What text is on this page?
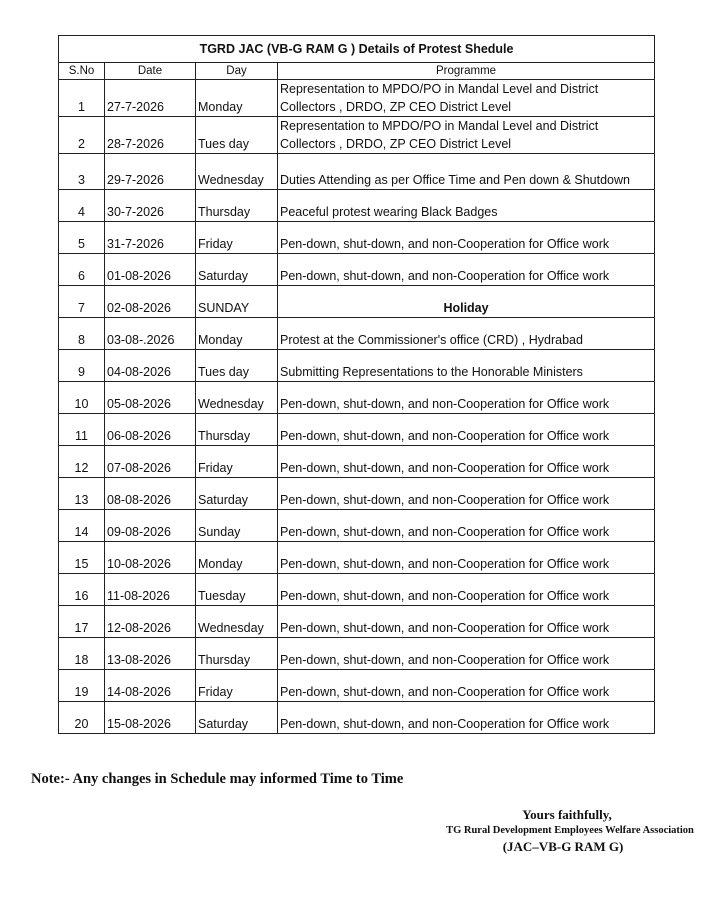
TGRD JAC (VB-G RAM G ) Details of Protest Shedule			
S.No	Date	Day	Programme
1	27-7-2026	Monday	Representation to MPDO/PO in Mandal Level and District Collectors , DRDO, ZP CEO District Level
2	28-7-2026	Tues day	Representation to MPDO/PO in Mandal Level and District Collectors , DRDO, ZP CEO District Level
3	29-7-2026	Wednesday	Duties Attending as per Office Time and Pen down & Shutdown
4	30-7-2026	Thursday	Peaceful protest wearing Black Badges
5	31-7-2026	Friday	Pen-down, shut-down, and non-Cooperation for Office work
6	01-08-2026	Saturday	Pen-down, shut-down, and non-Cooperation for Office work
7	02-08-2026	SUNDAY	Holiday
8	03-08-.2026	Monday	Protest at the Commissioner's office (CRD) , Hydrabad
9	04-08-2026	Tues day	Submitting Representations to the Honorable Ministers
10	05-08-2026	Wednesday	Pen-down, shut-down, and non-Cooperation for Office work
11	06-08-2026	Thursday	Pen-down, shut-down, and non-Cooperation for Office work
12	07-08-2026	Friday	Pen-down, shut-down, and non-Cooperation for Office work
13	08-08-2026	Saturday	Pen-down, shut-down, and non-Cooperation for Office work
14	09-08-2026	Sunday	Pen-down, shut-down, and non-Cooperation for Office work
15	10-08-2026	Monday	Pen-down, shut-down, and non-Cooperation for Office work
16	11-08-2026	Tuesday	Pen-down, shut-down, and non-Cooperation for Office work
17	12-08-2026	Wednesday	Pen-down, shut-down, and non-Cooperation for Office work
18	13-08-2026	Thursday	Pen-down, shut-down, and non-Cooperation for Office work
19	14-08-2026	Friday	Pen-down, shut-down, and non-Cooperation for Office work
20	15-08-2026	Saturday	Pen-down, shut-down, and non-Cooperation for Office work
Note:- Any changes in Schedule may informed Time to Time
Yours faithfully,
TG Rural Development Employees Welfare Association
(JAC–VB-G RAM G)
